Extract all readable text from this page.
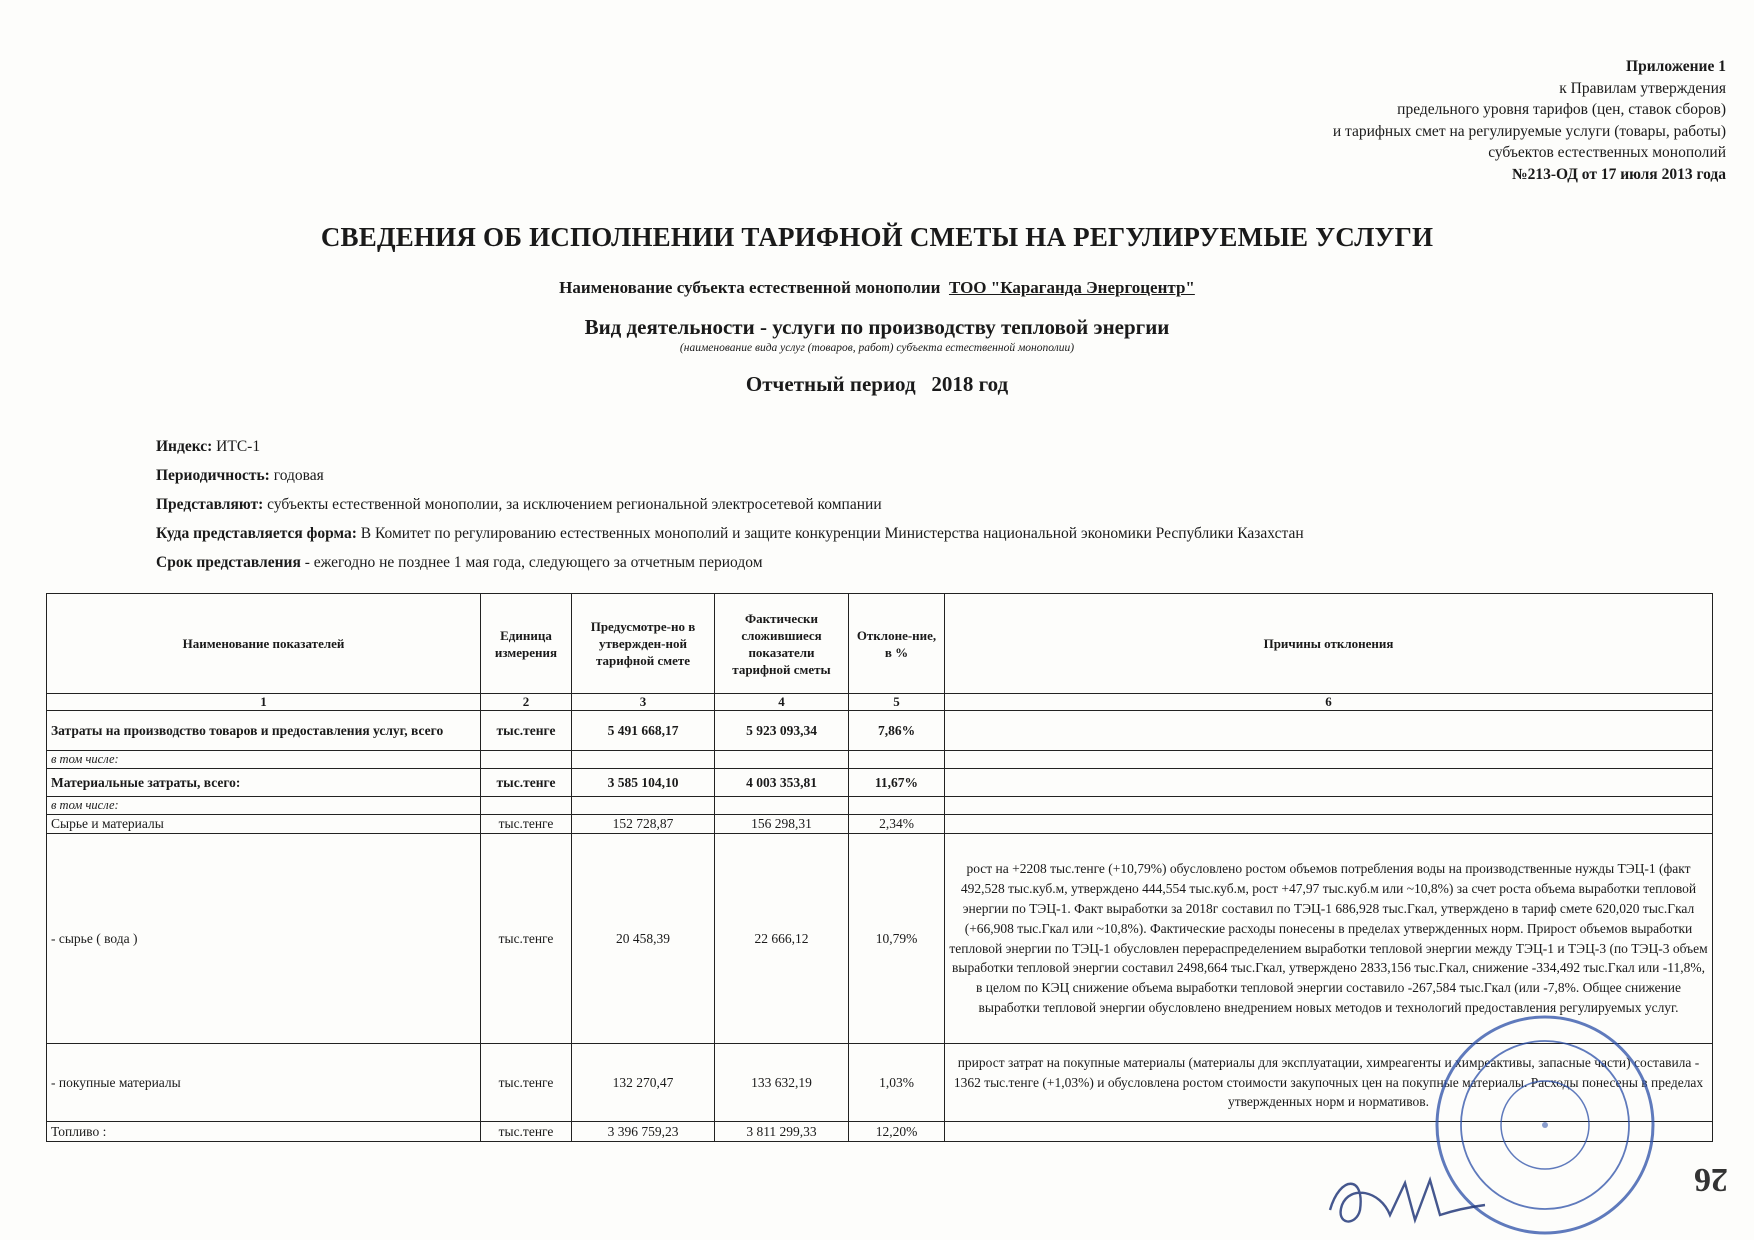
Приложение 1
к Правилам утверждения
предельного уровня тарифов (цен, ставок сборов)
и тарифных смет на регулируемые услуги (товары, работы)
субъектов естественных монополий
№213-ОД от 17 июля 2013 года
СВЕДЕНИЯ ОБ ИСПОЛНЕНИИ ТАРИФНОЙ СМЕТЫ НА РЕГУЛИРУЕМЫЕ УСЛУГИ
Наименование субъекта естественной монополии ТОО "Караганда Энергоцентр"
Вид деятельности - услуги по производству тепловой энергии
(наименование вида услуг (товаров, работ) субъекта естественной монополии)
Отчетный период 2018 год
Индекс: ИТС-1
Периодичность: годовая
Представляют: субъекты естественной монополии, за исключением региональной электросетевой компании
Куда представляется форма: В Комитет по регулированию естественных монополий и защите конкуренции Министерства национальной экономики Республики Казахстан
Срок представления - ежегодно не позднее 1 мая года, следующего за отчетным периодом
Наименование показателей	Единица измерения	Предусмотре-но в утвержден-ной тарифной смете	Фактически сложившиеся показатели тарифной сметы	Отклоне-ние, в %	Причины отклонения
1	2	3	4	5	6
Затраты на производство товаров и предоставления услуг, всего	тыс.тенге	5 491 668,17	5 923 093,34	7,86%	
в том числе:					
Материальные затраты, всего:	тыс.тенге	3 585 104,10	4 003 353,81	11,67%	
в том числе:					
Сырье и материалы	тыс.тенге	152 728,87	156 298,31	2,34%	
- сырье ( вода )	тыс.тенге	20 458,39	22 666,12	10,79%	рост на +2208 тыс.тенге (+10,79%) обусловлено ростом объемов потребления воды на производственные нужды ТЭЦ-1 (факт 492,528 тыс.куб.м, утверждено 444,554 тыс.куб.м, рост +47,97 тыс.куб.м или ~10,8%) за счет роста объема выработки тепловой энергии по ТЭЦ-1. Факт выработки за 2018г составил по ТЭЦ-1 686,928 тыс.Гкал, утверждено в тариф смете 620,020 тыс.Гкал (+66,908 тыс.Гкал или ~10,8%). Фактические расходы понесены в пределах утвержденных норм. Прирост объемов выработки тепловой энергии по ТЭЦ-1 обусловлен перераспределением выработки тепловой энергии между ТЭЦ-1 и ТЭЦ-3 (по ТЭЦ-3 объем выработки тепловой энергии составил 2498,664 тыс.Гкал, утверждено 2833,156 тыс.Гкал, снижение -334,492 тыс.Гкал или -11,8%, в целом по КЭЦ снижение объема выработки тепловой энергии составило -267,584 тыс.Гкал (или -7,8%. Общее снижение выработки тепловой энергии обусловлено внедрением новых методов и технологий предоставления регулируемых услуг.
- покупные материалы	тыс.тенге	132 270,47	133 632,19	1,03%	прирост затрат на покупные материалы (материалы для эксплуатации, химреагенты и химреактивы, запасные части) составила - 1362 тыс.тенге (+1,03%) и обусловлена ростом стоимости закупочных цен на покупные материалы. Расходы понесены в пределах утвержденных норм и нормативов.
Топливо :	тыс.тенге	3 396 759,23	3 811 299,33	12,20%	
26
